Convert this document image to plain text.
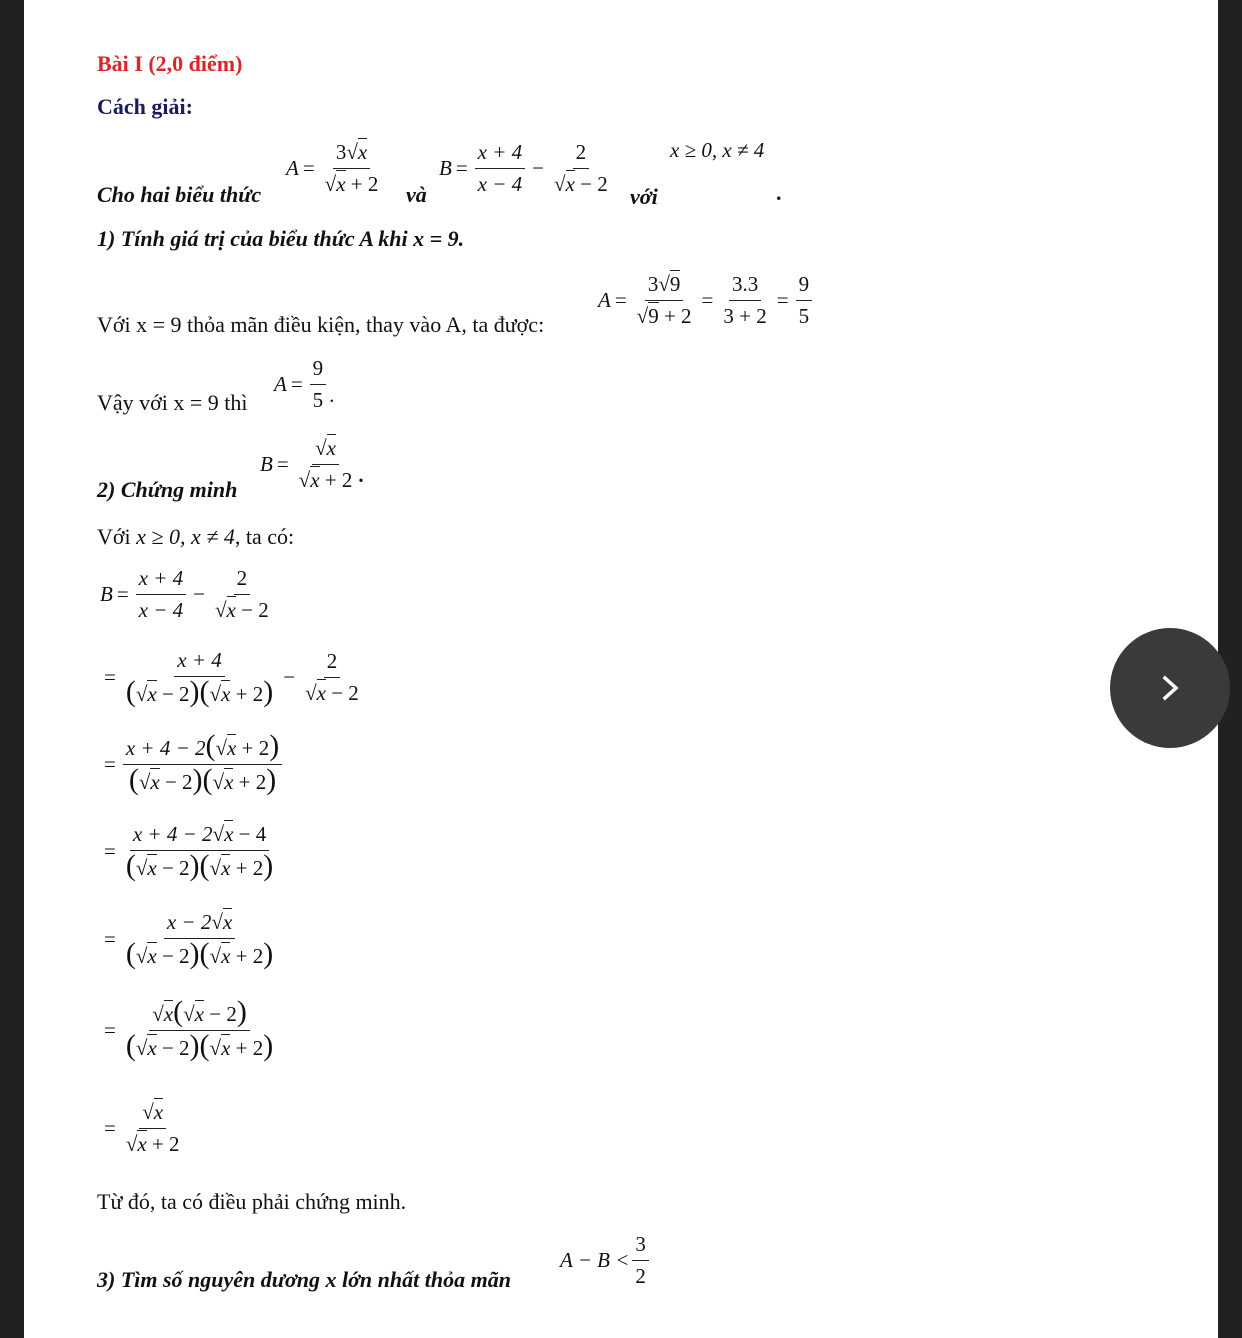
Bài I (2,0 điểm)
Cách giải:
Cho hai biểu thức
$A = \frac{3√x}{√x + 2}$ và
$B = \frac{x + 4}{x - 4} - \frac{2}{√x - 2}$ với
x ≥ 0, x ≠ 4
.
1) Tính giá trị của biểu thức A khi x = 9.
Với x = 9 thỏa mãn điều kiện, thay vào A, ta được:
$A = \frac{3√9}{√9 + 2} = \frac{3.3}{3 + 2} = \frac{9}{5}$
Vậy với x = 9 thì
$A = \frac{9}{5}$ .
2) Chứng minh
$B = \frac{√x}{√x + 2}$ .
Với x ≥ 0, x ≠ 4, ta có:
$B = \frac{x + 4}{x - 4} - \frac{2}{√x - 2}$
= $\frac{x + 4}{(√x - 2)(√x + 2)} - \frac{2}{√x - 2}$
= $\frac{x + 4 - 2(√x + 2)}{(√x - 2)(√x + 2)}$
= $\frac{x + 4 - 2√x - 4}{(√x - 2)(√x + 2)}$
= $\frac{x - 2√x}{(√x - 2)(√x + 2)}$
= $\frac{√x(√x - 2)}{(√x - 2)(√x + 2)}$
= $\frac{√x}{√x + 2}$
Từ đó, ta có điều phải chứng minh.
3) Tìm số nguyên dương x lớn nhất thỏa mãn
$A - B < \frac{3}{2}$
